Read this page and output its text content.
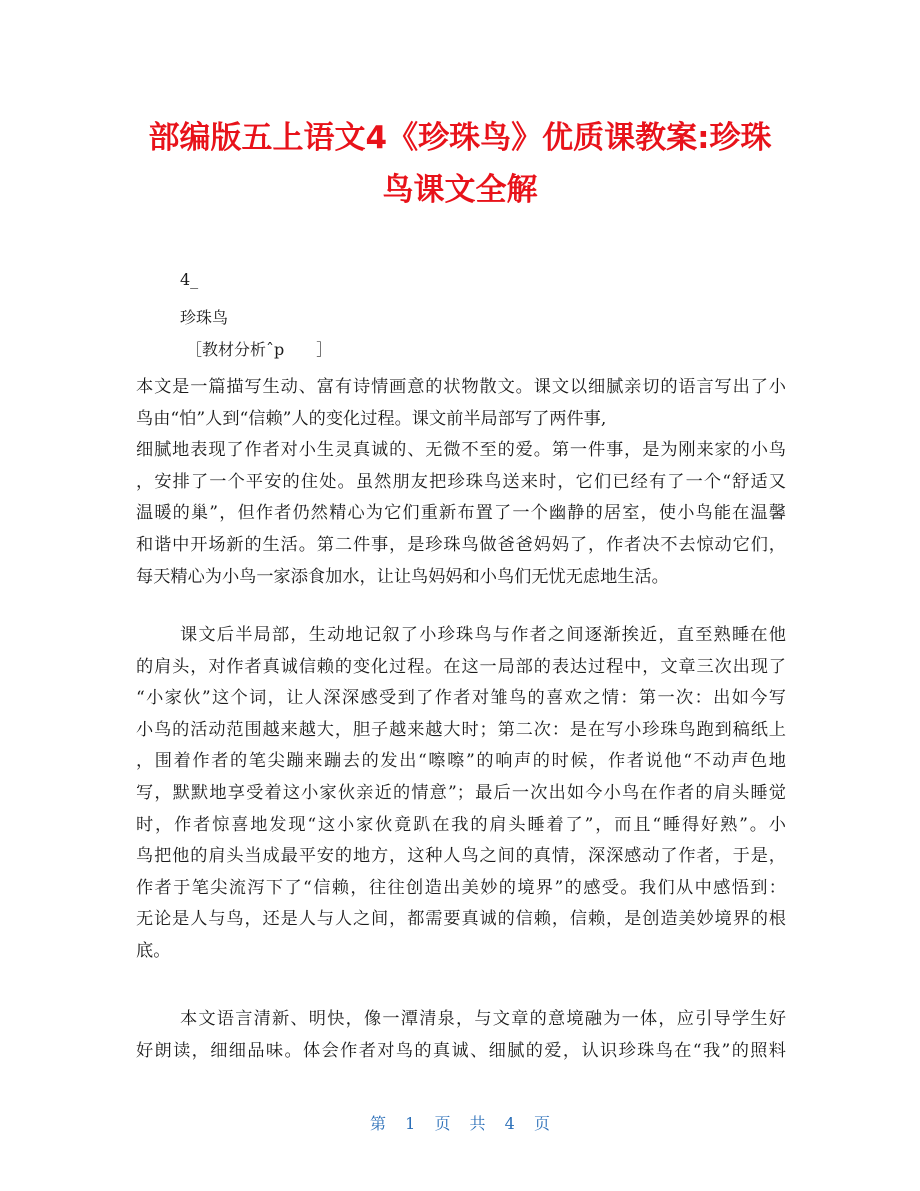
部编版五上语文4《珍珠鸟》优质课教案:珍珠
鸟课文全解
4_
珍珠鸟
［教材分析ˆp　　］
本文是一篇描写生动、富有诗情画意的状物散文。课文以细腻亲切的语言写出了小
鸟由“怕”人到“信赖”人的变化过程。课文前半局部写了两件事,
细腻地表现了作者对小生灵真诚的、无微不至的爱。第一件事，是为刚来家的小鸟
，安排了一个平安的住处。虽然朋友把珍珠鸟送来时，它们已经有了一个“舒适又
温暖的巢”，但作者仍然精心为它们重新布置了一个幽静的居室，使小鸟能在温馨
和谐中开场新的生活。第二件事，是珍珠鸟做爸爸妈妈了，作者决不去惊动它们，
每天精心为小鸟一家添食加水，让让鸟妈妈和小鸟们无忧无虑地生活。
课文后半局部，生动地记叙了小珍珠鸟与作者之间逐渐挨近，直至熟睡在他
的肩头，对作者真诚信赖的变化过程。在这一局部的表达过程中，文章三次出现了
“小家伙”这个词，让人深深感受到了作者对雏鸟的喜欢之情：第一次：出如今写
小鸟的活动范围越来越大，胆子越来越大时；第二次：是在写小珍珠鸟跑到稿纸上
，围着作者的笔尖蹦来蹦去的发出“嚓嚓”的响声的时候，作者说他“不动声色地
写，默默地享受着这小家伙亲近的情意”；最后一次出如今小鸟在作者的肩头睡觉
时，作者惊喜地发现“这小家伙竟趴在我的肩头睡着了”，而且“睡得好熟”。小
鸟把他的肩头当成最平安的地方，这种人鸟之间的真情，深深感动了作者，于是，
作者于笔尖流泻下了“信赖，往往创造出美妙的境界”的感受。我们从中感悟到：
无论是人与鸟，还是人与人之间，都需要真诚的信赖，信赖，是创造美妙境界的根
底。
本文语言清新、明快，像一潭清泉，与文章的意境融为一体，应引导学生好
好朗读，细细品味。体会作者对鸟的真诚、细腻的爱，认识珍珠鸟在“我”的照料
第 1 页 共 4 页
